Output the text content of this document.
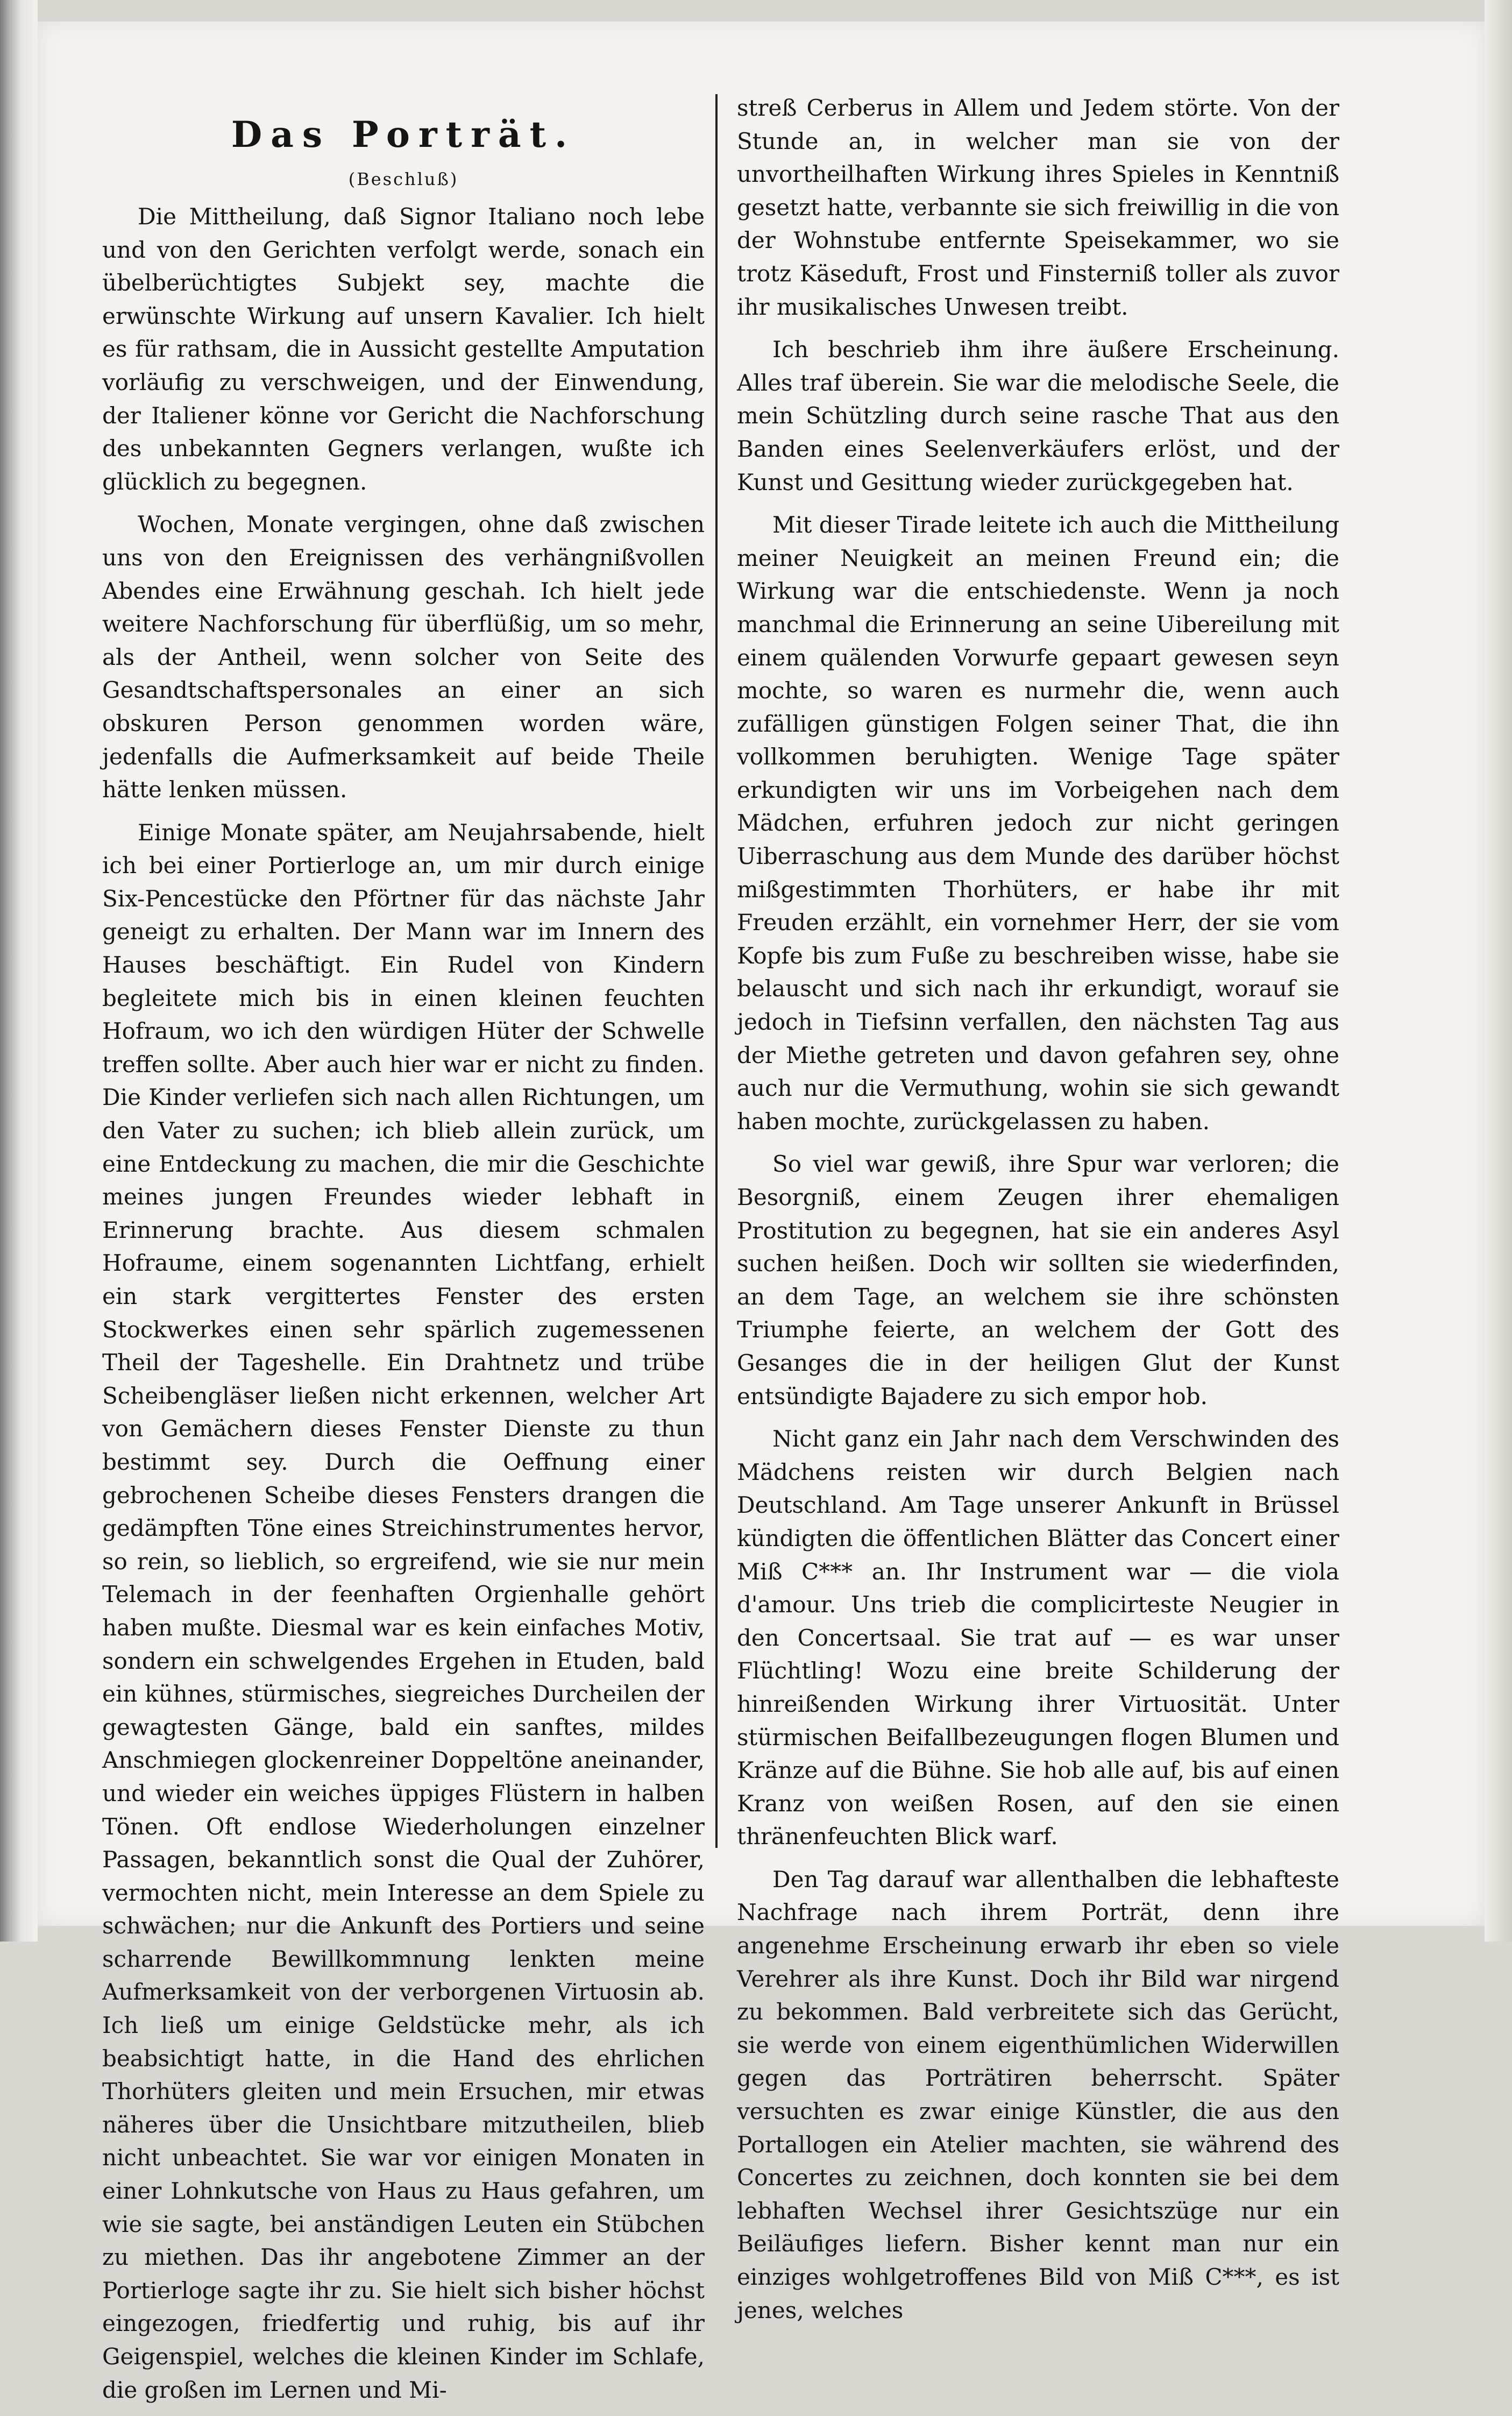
Das Porträt.
(Beschluß)

Die Mittheilung, daß Signor Italiano noch lebe und von den Gerichten verfolgt werde, sonach ein übelberüchtigtes Subjekt sey, machte die erwünschte Wirkung auf unsern Kavalier. Ich hielt es für rathsam, die in Aussicht gestellte Amputation vorläufig zu verschweigen, und der Einwendung, der Italiener könne vor Gericht die Nachforschung des unbekannten Gegners verlangen, wußte ich glücklich zu begegnen.

Wochen, Monate vergingen, ohne daß zwischen uns von den Ereignissen des verhängnißvollen Abendes eine Erwähnung geschah. Ich hielt jede weitere Nachforschung für überflüßig, um so mehr, als der Antheil, wenn solcher von Seite des Gesandtschaftspersonales an einer an sich obskuren Person genommen worden wäre, jedenfalls die Aufmerksamkeit auf beide Theile hätte lenken müssen.

Einige Monate später, am Neujahrsabende, hielt ich bei einer Portierloge an, um mir durch einige Six-Pencestücke den Pförtner für das nächste Jahr geneigt zu erhalten. Der Mann war im Innern des Hauses beschäftigt. Ein Rudel von Kindern begleitete mich bis in einen kleinen feuchten Hofraum, wo ich den würdigen Hüter der Schwelle treffen sollte. Aber auch hier war er nicht zu finden. Die Kinder verliefen sich nach allen Richtungen, um den Vater zu suchen; ich blieb allein zurück, um eine Entdeckung zu machen, die mir die Geschichte meines jungen Freundes wieder lebhaft in Erinnerung brachte. Aus diesem schmalen Hofraume, einem sogenannten Lichtfang, erhielt ein stark vergittertes Fenster des ersten Stockwerkes einen sehr spärlich zugemessenen Theil der Tageshelle. Ein Drahtnetz und trübe Scheibengläser ließen nicht erkennen, welcher Art von Gemächern dieses Fenster Dienste zu thun bestimmt sey. Durch die Oeffnung einer gebrochenen Scheibe dieses Fensters drangen die gedämpften Töne eines Streichinstrumentes hervor, so rein, so lieblich, so ergreifend, wie sie nur mein Telemach in der feenhaften Orgienhalle gehört haben mußte. Diesmal war es kein einfaches Motiv, sondern ein schwelgendes Ergehen in Etuden, bald ein kühnes, stürmisches, siegreiches Durcheilen der gewagtesten Gänge, bald ein sanftes, mildes Anschmiegen glockenreiner Doppeltöne aneinander, und wieder ein weiches üppiges Flüstern in halben Tönen. Oft endlose Wiederholungen einzelner Passagen, bekanntlich sonst die Qual der Zuhörer, vermochten nicht, mein Interesse an dem Spiele zu schwächen; nur die Ankunft des Portiers und seine scharrende Bewillkommnung lenkten meine Aufmerksamkeit von der verborgenen Virtuosin ab. Ich ließ um einige Geldstücke mehr, als ich beabsichtigt hatte, in die Hand des ehrlichen Thorhüters gleiten und mein Ersuchen, mir etwas näheres über die Unsichtbare mitzutheilen, blieb nicht unbeachtet. Sie war vor einigen Monaten in einer Lohnkutsche von Haus zu Haus gefahren, um wie sie sagte, bei anständigen Leuten ein Stübchen zu miethen. Das ihr angebotene Zimmer an der Portierloge sagte ihr zu. Sie hielt sich bisher höchst eingezogen, friedfertig und ruhig, bis auf ihr Geigenspiel, welches die kleinen Kinder im Schlafe, die großen im Lernen und Mi-

streß Cerberus in Allem und Jedem störte. Von der Stunde an, in welcher man sie von der unvortheilhaften Wirkung ihres Spieles in Kenntniß gesetzt hatte, verbannte sie sich freiwillig in die von der Wohnstube entfernte Speisekammer, wo sie trotz Käseduft, Frost und Finsterniß toller als zuvor ihr musikalisches Unwesen treibt.

Ich beschrieb ihm ihre äußere Erscheinung. Alles traf überein. Sie war die melodische Seele, die mein Schützling durch seine rasche That aus den Banden eines Seelenverkäufers erlöst, und der Kunst und Gesittung wieder zurückgegeben hat.

Mit dieser Tirade leitete ich auch die Mittheilung meiner Neuigkeit an meinen Freund ein; die Wirkung war die entschiedenste. Wenn ja noch manchmal die Erinnerung an seine Uibereilung mit einem quälenden Vorwurfe gepaart gewesen seyn mochte, so waren es nurmehr die, wenn auch zufälligen günstigen Folgen seiner That, die ihn vollkommen beruhigten. Wenige Tage später erkundigten wir uns im Vorbeigehen nach dem Mädchen, erfuhren jedoch zur nicht geringen Uiberraschung aus dem Munde des darüber höchst mißgestimmten Thorhüters, er habe ihr mit Freuden erzählt, ein vornehmer Herr, der sie vom Kopfe bis zum Fuße zu beschreiben wisse, habe sie belauscht und sich nach ihr erkundigt, worauf sie jedoch in Tiefsinn verfallen, den nächsten Tag aus der Miethe getreten und davon gefahren sey, ohne auch nur die Vermuthung, wohin sie sich gewandt haben mochte, zurückgelassen zu haben.

So viel war gewiß, ihre Spur war verloren; die Besorgniß, einem Zeugen ihrer ehemaligen Prostitution zu begegnen, hat sie ein anderes Asyl suchen heißen. Doch wir sollten sie wiederfinden, an dem Tage, an welchem sie ihre schönsten Triumphe feierte, an welchem der Gott des Gesanges die in der heiligen Glut der Kunst entsündigte Bajadere zu sich empor hob.

Nicht ganz ein Jahr nach dem Verschwinden des Mädchens reisten wir durch Belgien nach Deutschland. Am Tage unserer Ankunft in Brüssel kündigten die öffentlichen Blätter das Concert einer Miß C*** an. Ihr Instrument war — die viola d'amour. Uns trieb die complicirteste Neugier in den Concertsaal. Sie trat auf — es war unser Flüchtling! Wozu eine breite Schilderung der hinreißenden Wirkung ihrer Virtuosität. Unter stürmischen Beifallbezeugungen flogen Blumen und Kränze auf die Bühne. Sie hob alle auf, bis auf einen Kranz von weißen Rosen, auf den sie einen thränenfeuchten Blick warf.

Den Tag darauf war allenthalben die lebhafteste Nachfrage nach ihrem Porträt, denn ihre angenehme Erscheinung erwarb ihr eben so viele Verehrer als ihre Kunst. Doch ihr Bild war nirgend zu bekommen. Bald verbreitete sich das Gerücht, sie werde von einem eigenthümlichen Widerwillen gegen das Porträtiren beherrscht. Später versuchten es zwar einige Künstler, die aus den Portallogen ein Atelier machten, sie während des Concertes zu zeichnen, doch konnten sie bei dem lebhaften Wechsel ihrer Gesichtszüge nur ein Beiläufiges liefern. Bisher kennt man nur ein einziges wohlgetroffenes Bild von Miß C***, es ist jenes, welches
